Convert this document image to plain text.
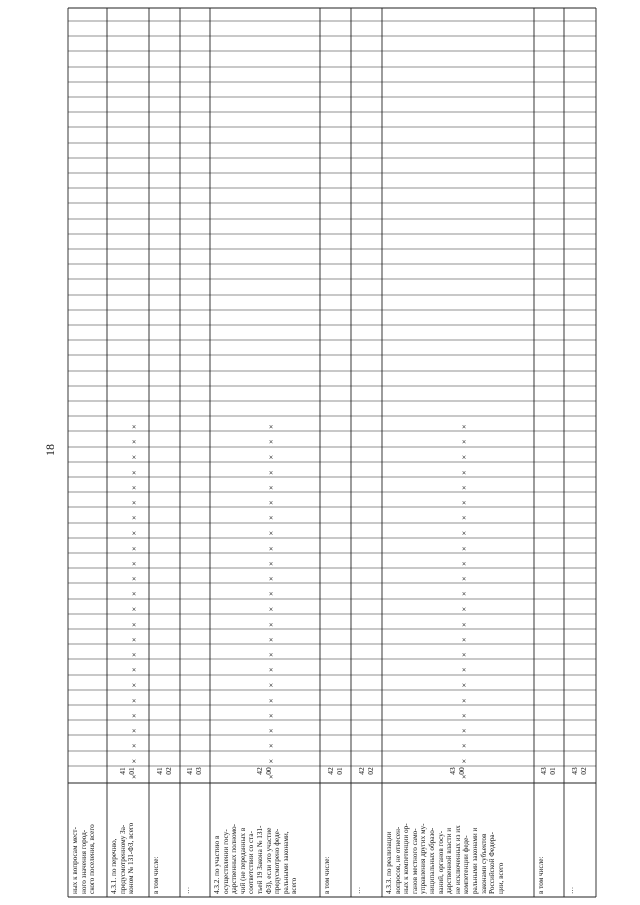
18
×
×
×
×
×
×
×
×
×
×
×
×
×
×
×
×
×
×
×
×
×
×
×
×
×
×
×
×
×
×
×
×
×
×
×
×
×
×
×
×
×
×
×
×
×
×
×
×
×
×
×
×
×
×
×
×
×
×
×
×
×
×
×
×
×
×
×
×
×
×
×
×
ных к вопросам мест- ного значения город- ского поселения, всего 4.3.1. по перечню, предусмотренному За- коном № 131-ФЗ, всего
41 01
в том числе:
41 02
…
41 03
4.3.2. по участию в осуществлении госу- дарственных полномо- чий (не переданных в соответствии со ста- тьей 19 Закона № 131- ФЗ), если это участие предусмотрено феде- ральными законами, всего
42 00
в том числе:
42 01
…
42 02
4.3.3. по реализации вопросов, не отнесен- ных к компетенции ор- ганов местного само- управления других му- ниципальных образо- ваний, органов госу- дарственной власти и не исключенных из их компетенции феде- ральными законами и законами субъектов Российской Федера- ции, всего
43 00
в том числе:
43 01
…
43 02
